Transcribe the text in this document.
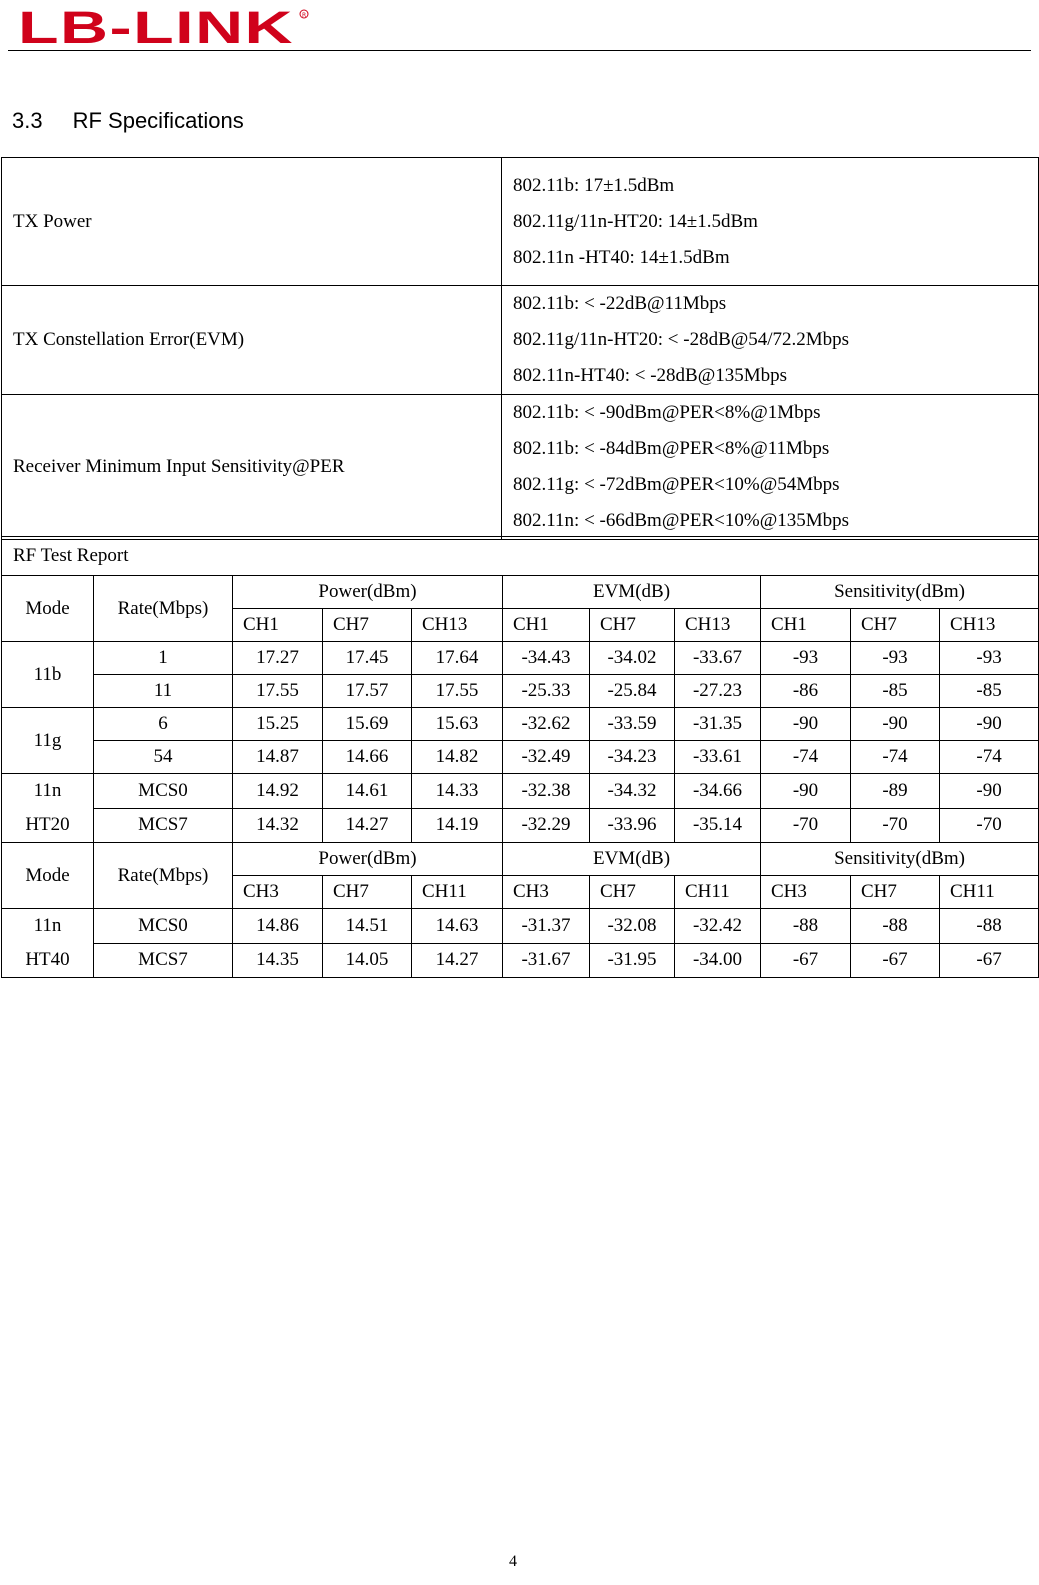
LB-LINK R
3.3 RF Specifications
TX Power	802.11b: 17±1.5dBm
802.11g/11n-HT20: 14±1.5dBm
802.11n -HT40: 14±1.5dBm

TX Constellation Error(EVM)	802.11b: < -22dB@11Mbps
802.11g/11n-HT20: < -28dB@54/72.2Mbps
802.11n-HT40: < -28dB@135Mbps

Receiver Minimum Input Sensitivity@PER	802.11b: < -90dBm@PER<8%@1Mbps
802.11b: < -84dBm@PER<8%@11Mbps
802.11g: < -72dBm@PER<10%@54Mbps
802.11n: < -66dBm@PER<10%@135Mbps
RF Test Report										
Mode	Rate(Mbps)	Power(dBm)			EVM(dB)			Sensitivity(dBm)		
		CH1	CH7	CH13	CH1	CH7	CH13	CH1	CH7	CH13
11b	1	17.27	17.45	17.64	-34.43	-34.02	-33.67	-93	-93	-93
	11	17.55	17.57	17.55	-25.33	-25.84	-27.23	-86	-85	-85
11g	6	15.25	15.69	15.63	-32.62	-33.59	-31.35	-90	-90	-90
	54	14.87	14.66	14.82	-32.49	-34.23	-33.61	-74	-74	-74

11n
HT20	MCS0	14.92	14.61	14.33	-32.38	-34.32	-34.66	-90	-89	-90
	MCS7	14.32	14.27	14.19	-32.29	-33.96	-35.14	-70	-70	-70
Mode	Rate(Mbps)	Power(dBm)			EVM(dB)			Sensitivity(dBm)		
		CH3	CH7	CH11	CH3	CH7	CH11	CH3	CH7	CH11

11n
HT40	MCS0	14.86	14.51	14.63	-31.37	-32.08	-32.42	-88	-88	-88
	MCS7	14.35	14.05	14.27	-31.67	-31.95	-34.00	-67	-67	-67
4
